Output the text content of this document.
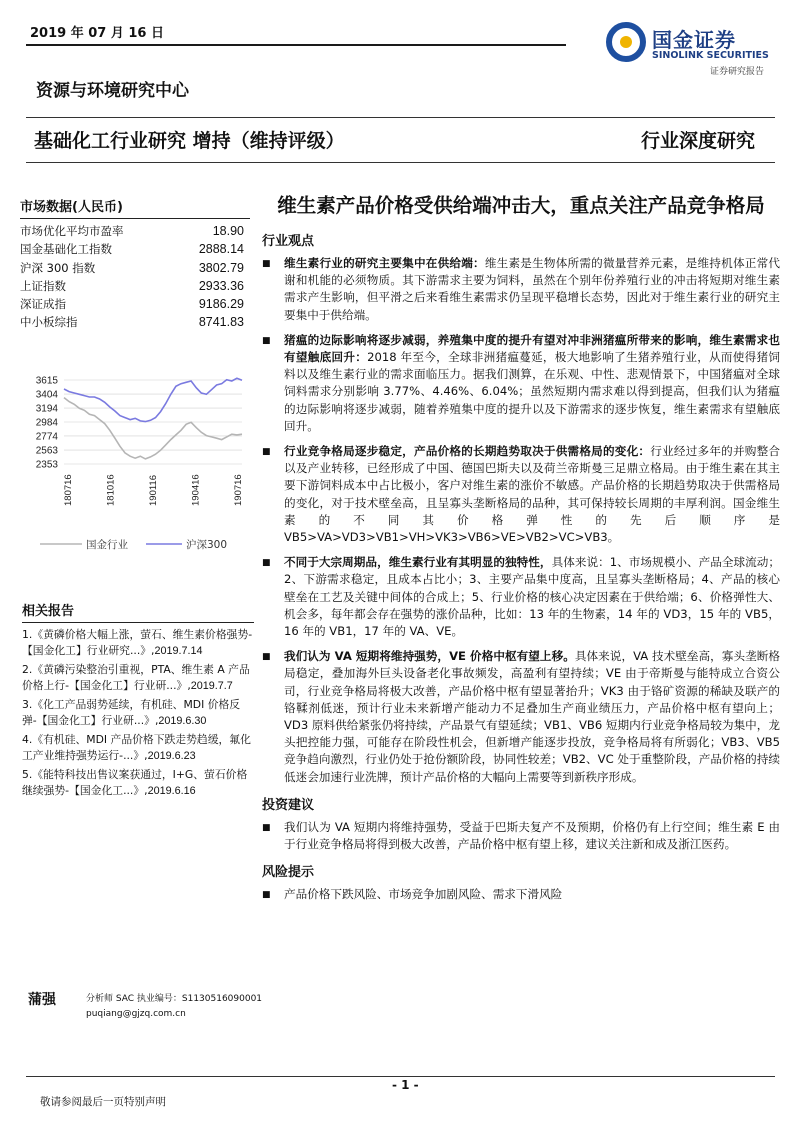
2019 年 07 月 16 日	国金证券
SINOLINK SECURITIES
证券研究报告
资源与环境研究中心
基础化工行业研究 增持（维持评级）	行业深度研究
市场数据(人民币)
市场优化平均市盈率	18.90
国金基础化工指数	2888.14
沪深 300 指数	3802.79
上证指数	2933.36
深证成指	9186.29
中小板综指	8741.83
3615
3404
3194
2984
2774
2563
2353
180716	181016	190116	190416	190716
国金行业	沪深300
相关报告
1.《黄磷价格大幅上涨，萤石、维生素价格强势-【国金化工】行业研究...》,2019.7.14
2.《黄磷污染整治引重视，PTA、维生素 A 产品价格上行-【国金化工】行业研...》,2019.7.7
3.《化工产品弱势延续，有机硅、MDI 价格反弹-【国金化工】行业研...》,2019.6.30
4.《有机硅、MDI 产品价格下跌走势趋缓，氟化工产业维持强势运行-...》,2019.6.23
5.《能特科技出售议案获通过，I+G、萤石价格继续强势-【国金化工...》,2019.6.16
蒲强	分析师 SAC 执业编号：S1130516090001
puqiang@gjzq.com.cn
维生素产品价格受供给端冲击大，重点关注产品竞争格局
行业观点
■	维生素行业的研究主要集中在供给端：维生素是生物体所需的微量营养元素，是维持机体正常代谢和机能的必须物质。其下游需求主要为饲料，虽然在个别年份养殖行业的冲击将短期对维生素需求产生影响，但平滑之后来看维生素需求仍呈现平稳增长态势，因此对于维生素行业的研究主要集中于供给端。
■	猪瘟的边际影响将逐步减弱，养殖集中度的提升有望对冲非洲猪瘟所带来的影响，维生素需求也有望触底回升：2018 年至今，全球非洲猪瘟蔓延，极大地影响了生猪养殖行业，从而使得猪饲料以及维生素行业的需求面临压力。据我们测算，在乐观、中性、悲观情景下，中国猪瘟对全球饲料需求分别影响 3.77%、4.46%、6.04%；虽然短期内需求难以得到提高，但我们认为猪瘟的边际影响将逐步减弱，随着养殖集中度的提升以及下游需求的逐步恢复，维生素需求有望触底回升。
■	行业竞争格局逐步稳定，产品价格的长期趋势取决于供需格局的变化：行业经过多年的并购整合以及产业转移，已经形成了中国、德国巴斯夫以及荷兰帝斯曼三足鼎立格局。由于维生素在其主要下游饲料成本中占比极小，客户对维生素的涨价不敏感。产品价格的长期趋势取决于供需格局的变化，对于技术壁垒高，且呈寡头垄断格局的品种，其可保持较长周期的丰厚利润。国金维生素的不同其价格弹性的先后顺序是 VB5>VA>VD3>VB1>VH>VK3>VB6>VE>VB2>VC>VB3。
■	不同于大宗周期品，维生素行业有其明显的独特性，具体来说：1、市场规模小、产品全球流动；2、下游需求稳定，且成本占比小；3、主要产品集中度高，且呈寡头垄断格局；4、产品的核心壁垒在工艺及关键中间体的合成上；5、行业价格的核心决定因素在于供给端；6、价格弹性大、机会多，每年都会存在强势的涨价品种，比如：13 年的生物素，14 年的 VD3，15 年的 VB5，16 年的 VB1，17 年的 VA、VE。
■	我们认为 VA 短期将维持强势，VE 价格中枢有望上移。具体来说，VA 技术壁垒高，寡头垄断格局稳定，叠加海外巨头设备老化事故频发，高盈利有望持续；VE 由于帝斯曼与能特成立合资公司，行业竞争格局将极大改善，产品价格中枢有望显著抬升；VK3 由于铬矿资源的稀缺及联产的铬鞣剂低迷，预计行业未来新增产能动力不足叠加生产商业绩压力，产品价格中枢有望向上；VD3 原料供给紧张仍将持续，产品景气有望延续；VB1、VB6 短期内行业竞争格局较为集中，龙头把控能力强，可能存在阶段性机会，但新增产能逐步投放，竞争格局将有所弱化；VB3、VB5 竞争趋向激烈，行业仍处于抢份额阶段，协同性较差；VB2、VC 处于重整阶段，产品价格的持续低迷会加速行业洗牌，预计产品价格的大幅向上需要等到新秩序形成。
投资建议
■	我们认为 VA 短期内将维持强势，受益于巴斯夫复产不及预期，价格仍有上行空间；维生素 E 由于行业竞争格局将得到极大改善，产品价格中枢有望上移，建议关注新和成及浙江医药。
风险提示
■	产品价格下跌风险、市场竞争加剧风险、需求下滑风险
- 1 -
敬请参阅最后一页特别声明
